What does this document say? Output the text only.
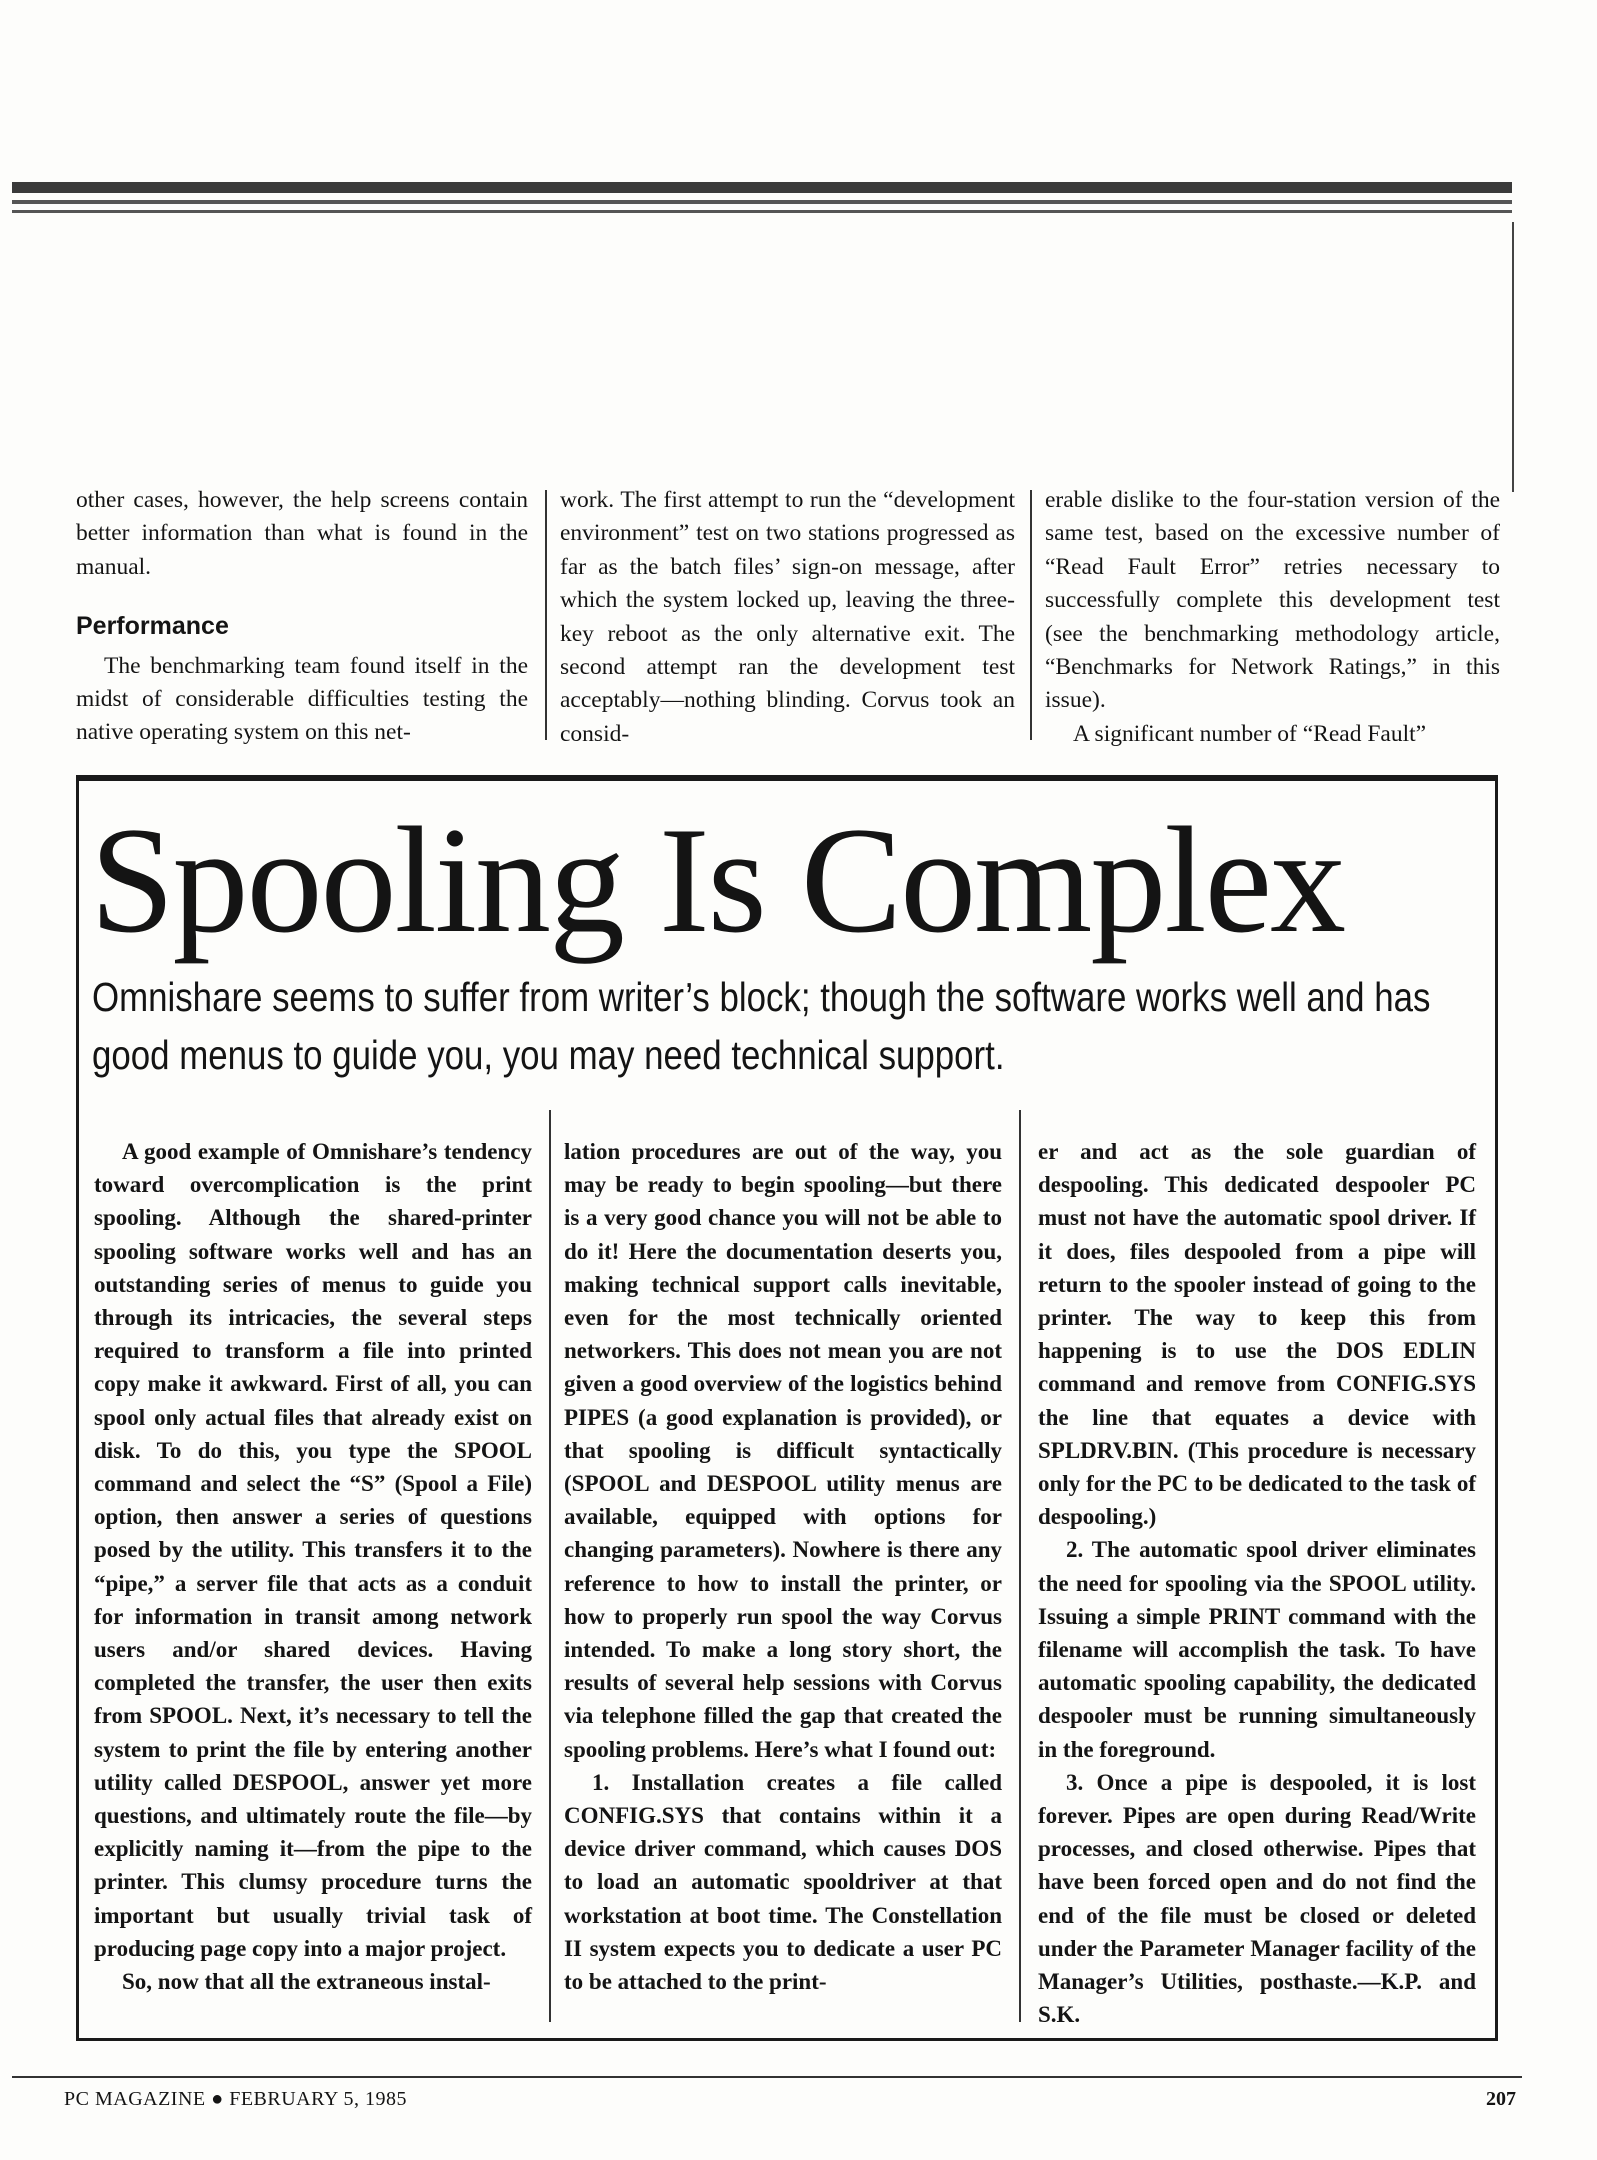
other cases, however, the help screens contain better information than what is found in the manual.

Performance

The benchmarking team found itself in the midst of considerable difficulties testing the native operating system on this net-

work. The first attempt to run the “development environment” test on two stations progressed as far as the batch files’ sign-on message, after which the system locked up, leaving the three-key reboot as the only alternative exit. The second attempt ran the development test acceptably—nothing blinding. Corvus took an consid-

erable dislike to the four-station version of the same test, based on the excessive number of “Read Fault Error” retries necessary to successfully complete this development test (see the benchmarking methodology article, “Benchmarks for Network Ratings,” in this issue).

A significant number of “Read Fault”

Spooling Is Complex
Omnishare seems to suffer from writer’s block; though the software works well and has good menus to guide you, you may need technical support.

A good example of Omnishare’s tendency toward overcomplication is the print spooling. Although the shared-printer spooling software works well and has an outstanding series of menus to guide you through its intricacies, the several steps required to transform a file into printed copy make it awkward. First of all, you can spool only actual files that already exist on disk. To do this, you type the SPOOL command and select the “S” (Spool a File) option, then answer a series of questions posed by the utility. This transfers it to the “pipe,” a server file that acts as a conduit for information in transit among network users and/or shared devices. Having completed the transfer, the user then exits from SPOOL. Next, it’s necessary to tell the system to print the file by entering another utility called DESPOOL, answer yet more questions, and ultimately route the file—by explicitly naming it—from the pipe to the printer. This clumsy procedure turns the important but usually trivial task of producing page copy into a major project.

So, now that all the extraneous instal-

lation procedures are out of the way, you may be ready to begin spooling—but there is a very good chance you will not be able to do it! Here the documentation deserts you, making technical support calls inevitable, even for the most technically oriented networkers. This does not mean you are not given a good overview of the logistics behind PIPES (a good explanation is provided), or that spooling is difficult syntactically (SPOOL and DESPOOL utility menus are available, equipped with options for changing parameters). Nowhere is there any reference to how to install the printer, or how to properly run spool the way Corvus intended. To make a long story short, the results of several help sessions with Corvus via telephone filled the gap that created the spooling problems. Here’s what I found out:

1. Installation creates a file called CONFIG.SYS that contains within it a device driver command, which causes DOS to load an automatic spooldriver at that workstation at boot time. The Constellation II system expects you to dedicate a user PC to be attached to the print-

er and act as the sole guardian of despooling. This dedicated despooler PC must not have the automatic spool driver. If it does, files despooled from a pipe will return to the spooler instead of going to the printer. The way to keep this from happening is to use the DOS EDLIN command and remove from CONFIG.SYS the line that equates a device with SPLDRV.BIN. (This procedure is necessary only for the PC to be dedicated to the task of despooling.)

2. The automatic spool driver eliminates the need for spooling via the SPOOL utility. Issuing a simple PRINT command with the filename will accomplish the task. To have automatic spooling capability, the dedicated despooler must be running simultaneously in the foreground.

3. Once a pipe is despooled, it is lost forever. Pipes are open during Read/Write processes, and closed otherwise. Pipes that have been forced open and do not find the end of the file must be closed or deleted under the Parameter Manager facility of the Manager’s Utilities, posthaste.—K.P. and S.K.

PC MAGAZINE ● FEBRUARY 5, 1985	207
